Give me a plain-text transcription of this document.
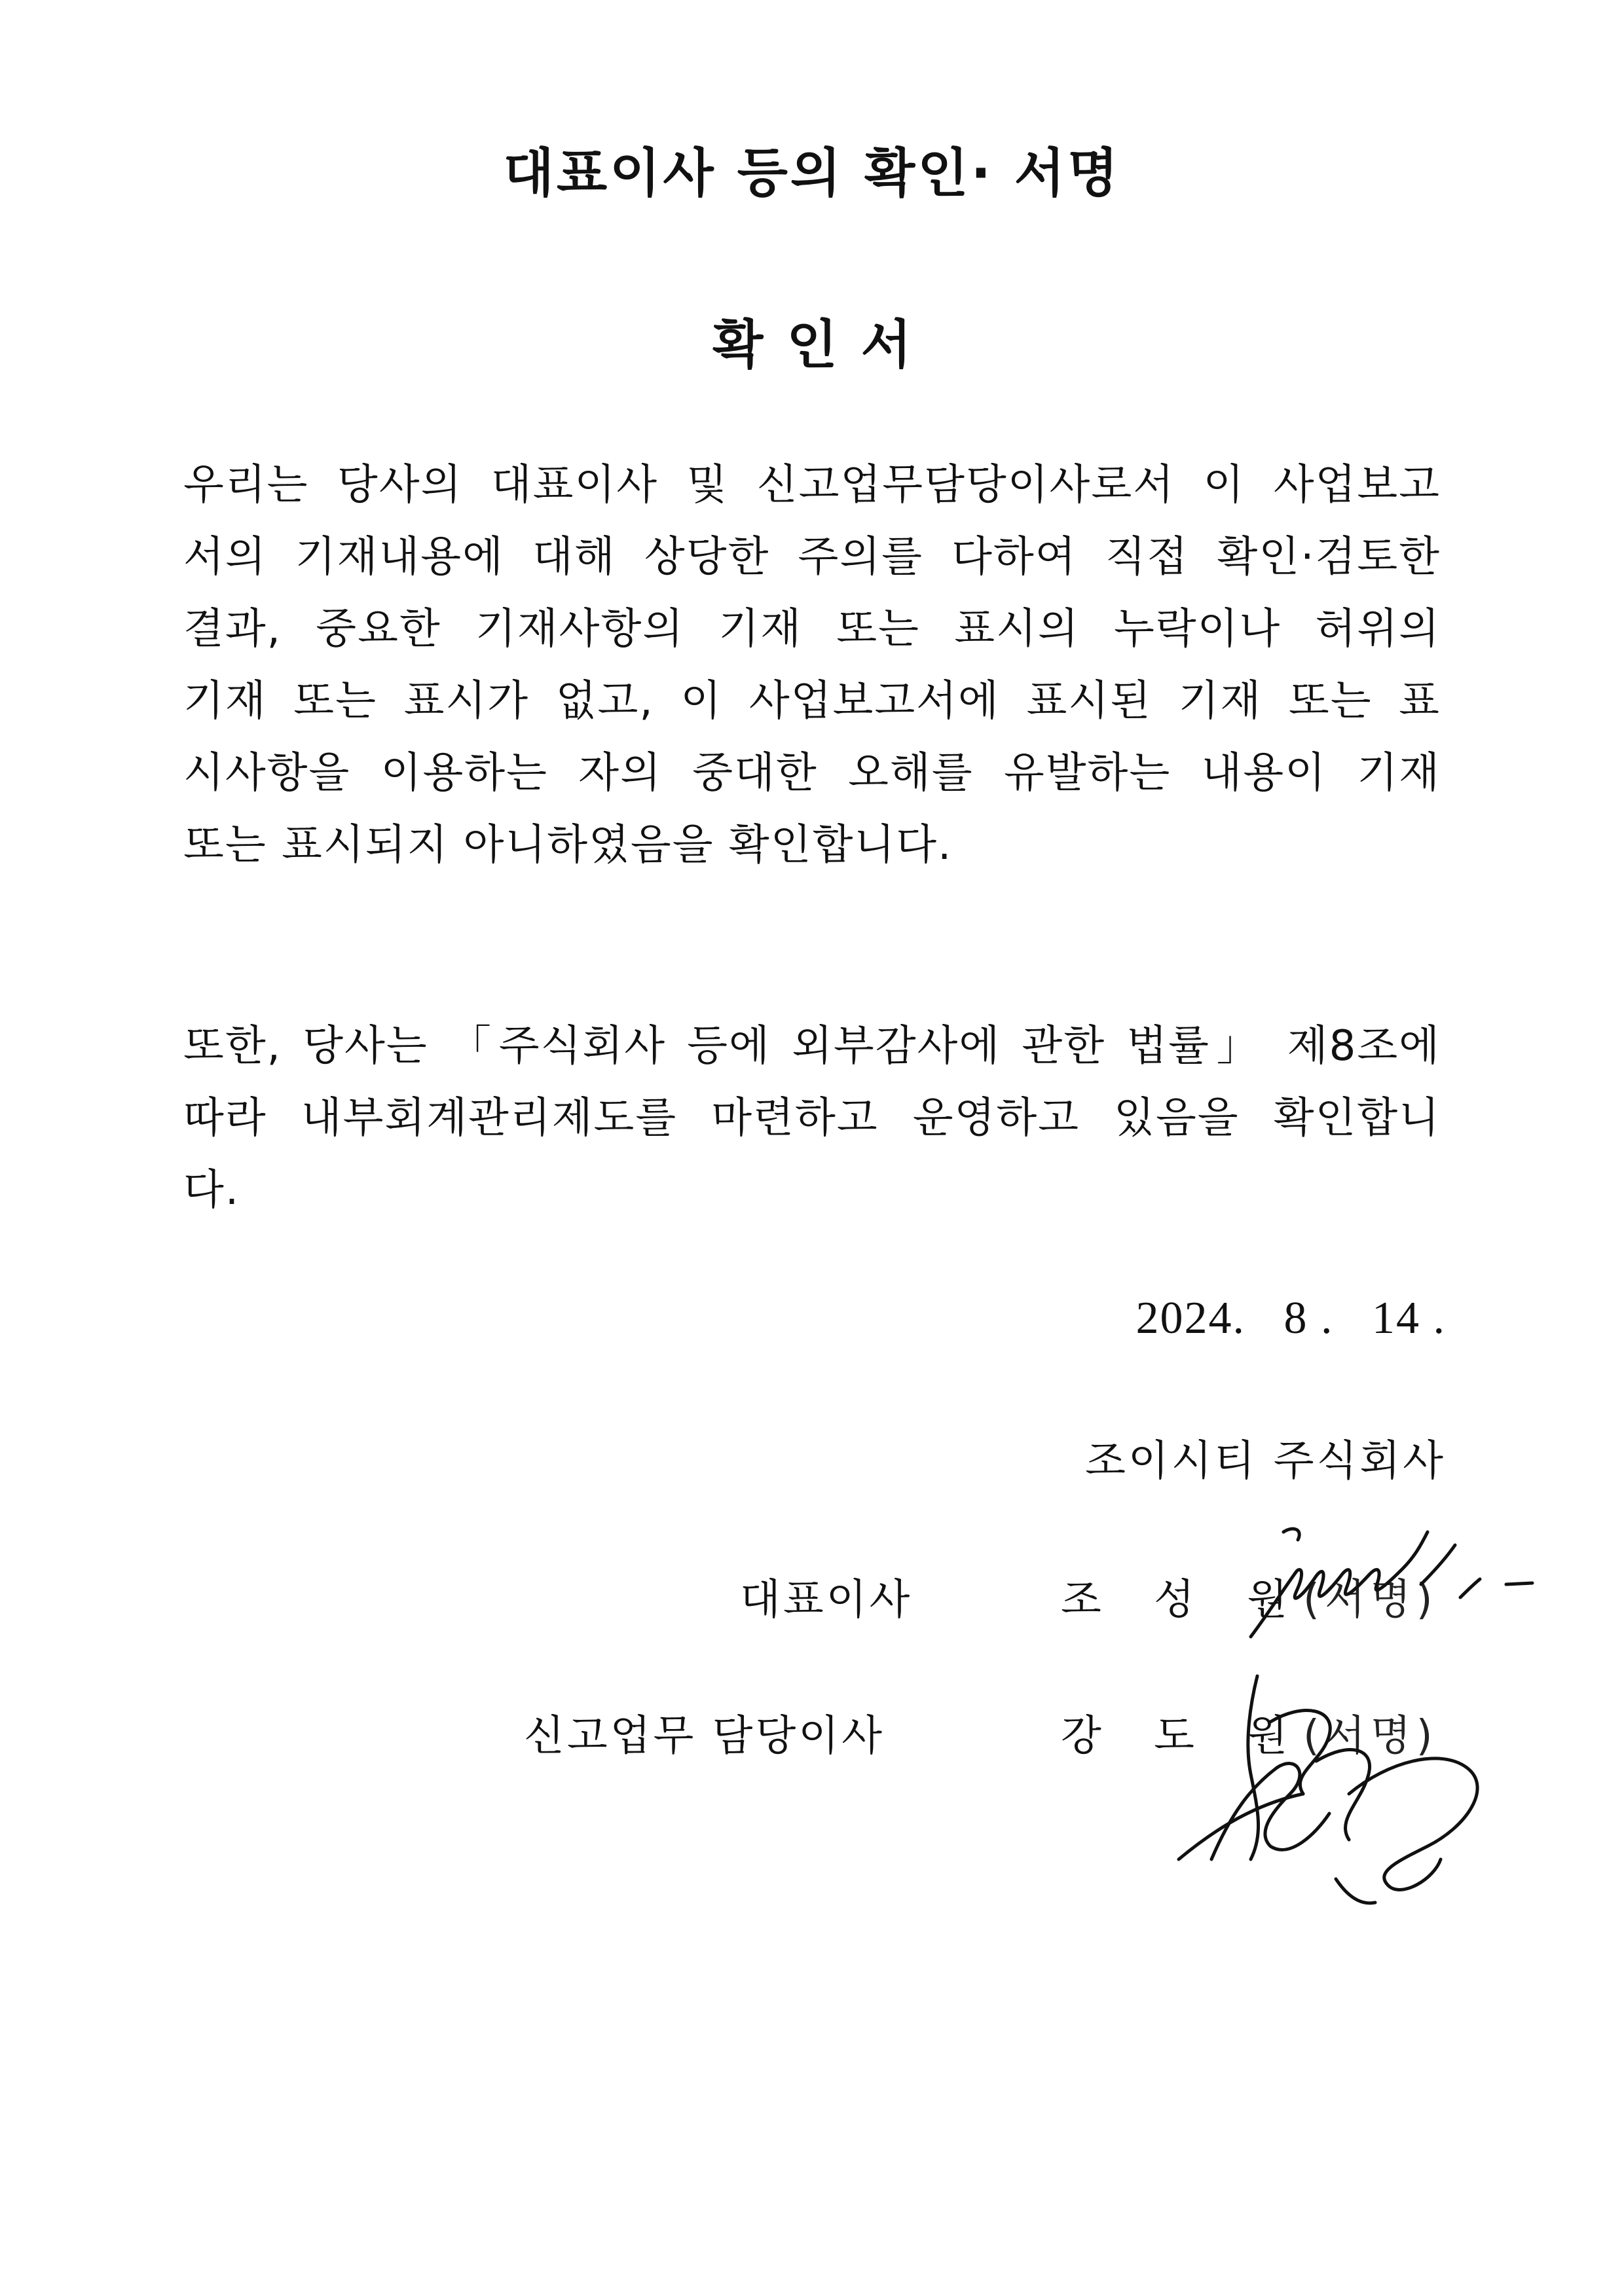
대표이사 등의 확인· 서명
확인서
우리는 당사의 대표이사 및 신고업무담당이사로서 이 사업보고
서의 기재내용에 대해 상당한 주의를 다하여 직접 확인·검토한
결과, 중요한 기재사항의 기재 또는 표시의 누락이나 허위의
기재 또는 표시가 없고, 이 사업보고서에 표시된 기재 또는 표
시사항을 이용하는 자의 중대한 오해를 유발하는 내용이 기재
또는 표시되지 아니하였음을 확인합니다.
또한, 당사는 「주식회사 등에 외부감사에 관한 법률」 제8조에
따라 내부회계관리제도를 마련하고 운영하고 있음을 확인합니
다.
2024.   8 .   14 .
조이시티 주식회사
대표이사	조 성 원
(서명)
신고업무 담당이사	강 도 원
(서명)
